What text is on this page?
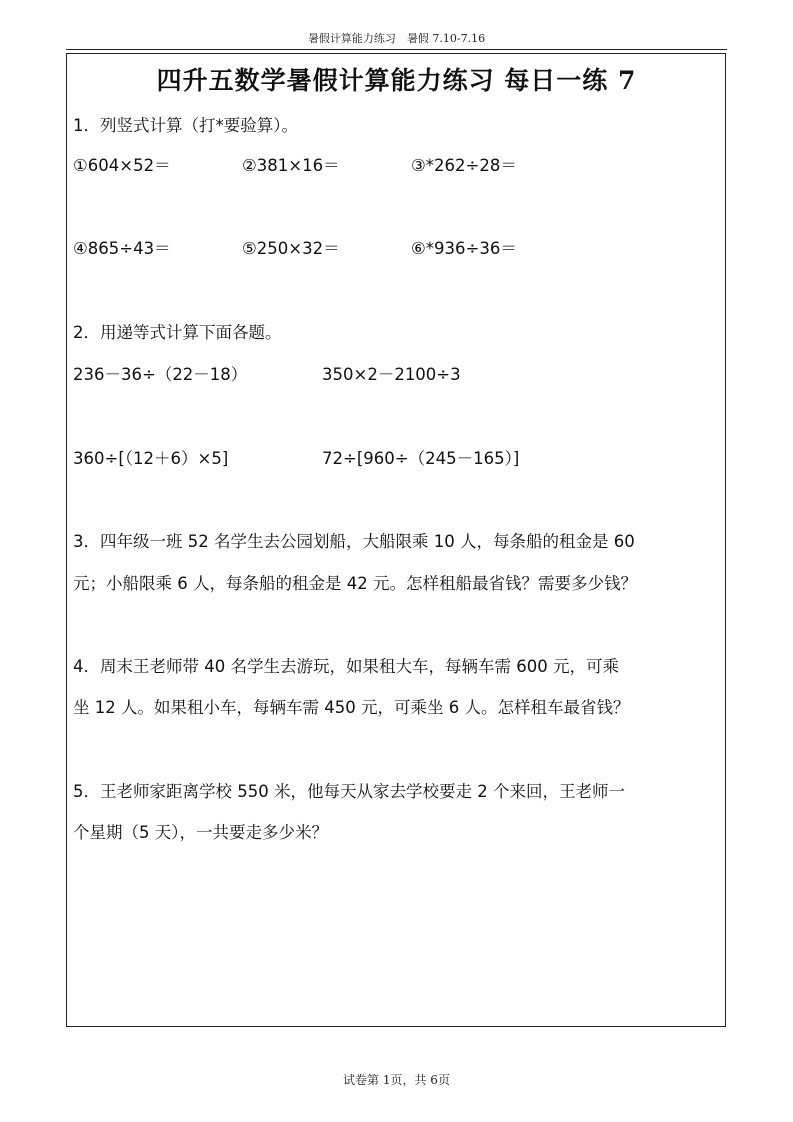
暑假计算能力练习　暑假 7.10-7.16
四升五数学暑假计算能力练习 每日一练 7
1．列竖式计算（打*要验算）。
①604×52＝	②381×16＝	③*262÷28＝
④865÷43＝	⑤250×32＝	⑥*936÷36＝
2．用递等式计算下面各题。
236－36÷（22－18）	350×2－2100÷3
360÷[（12＋6）×5]	72÷[960÷（245－165）]
3．四年级一班 52 名学生去公园划船，大船限乘 10 人，每条船的租金是 60
元；小船限乘 6 人，每条船的租金是 42 元。怎样租船最省钱？需要多少钱？
4．周末王老师带 40 名学生去游玩，如果租大车，每辆车需 600 元，可乘
坐 12 人。如果租小车，每辆车需 450 元，可乘坐 6 人。怎样租车最省钱？
5．王老师家距离学校 550 米，他每天从家去学校要走 2 个来回，王老师一
个星期（5 天），一共要走多少米？
试卷第 1页，共 6页
